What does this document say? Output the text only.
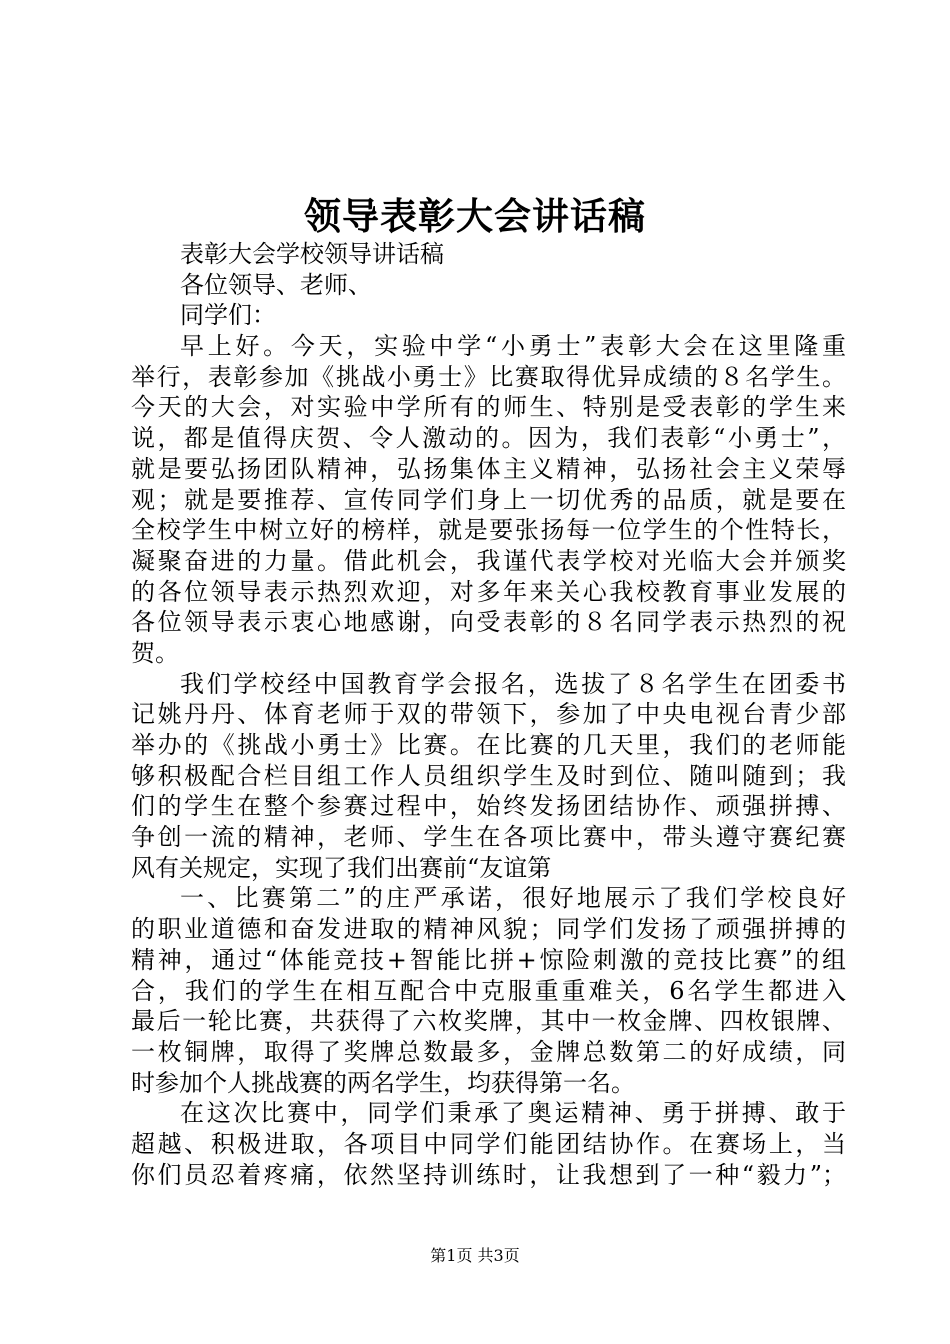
领导表彰大会讲话稿
表彰大会学校领导讲话稿
各位领导、老师、
同学们：
早上好。今天，实验中学“小勇士”表彰大会在这里隆重
举行，表彰参加《挑战小勇士》比赛取得优异成绩的８名学生。
今天的大会，对实验中学所有的师生、特别是受表彰的学生来
说，都是值得庆贺、令人激动的。因为，我们表彰“小勇士”，
就是要弘扬团队精神，弘扬集体主义精神，弘扬社会主义荣辱
观；就是要推荐、宣传同学们身上一切优秀的品质，就是要在
全校学生中树立好的榜样，就是要张扬每一位学生的个性特长，
凝聚奋进的力量。借此机会，我谨代表学校对光临大会并颁奖
的各位领导表示热烈欢迎，对多年来关心我校教育事业发展的
各位领导表示衷心地感谢，向受表彰的８名同学表示热烈的祝
贺。
我们学校经中国教育学会报名，选拔了８名学生在团委书
记姚丹丹、体育老师于双的带领下，参加了中央电视台青少部
举办的《挑战小勇士》比赛。在比赛的几天里，我们的老师能
够积极配合栏目组工作人员组织学生及时到位、随叫随到；我
们的学生在整个参赛过程中，始终发扬团结协作、顽强拼搏、
争创一流的精神，老师、学生在各项比赛中，带头遵守赛纪赛
风有关规定，实现了我们出赛前“友谊第
一、比赛第二”的庄严承诺，很好地展示了我们学校良好
的职业道德和奋发进取的精神风貌；同学们发扬了顽强拼搏的
精神，通过“体能竞技+智能比拼+惊险刺激的竞技比赛”的组
合，我们的学生在相互配合中克服重重难关，6名学生都进入
最后一轮比赛，共获得了六枚奖牌，其中一枚金牌、四枚银牌、
一枚铜牌，取得了奖牌总数最多，金牌总数第二的好成绩，同
时参加个人挑战赛的两名学生，均获得第一名。
在这次比赛中，同学们秉承了奥运精神、勇于拼搏、敢于
超越、积极进取，各项目中同学们能团结协作。在赛场上，当
你们员忍着疼痛，依然坚持训练时，让我想到了一种“毅力”；
第1页 共3页
